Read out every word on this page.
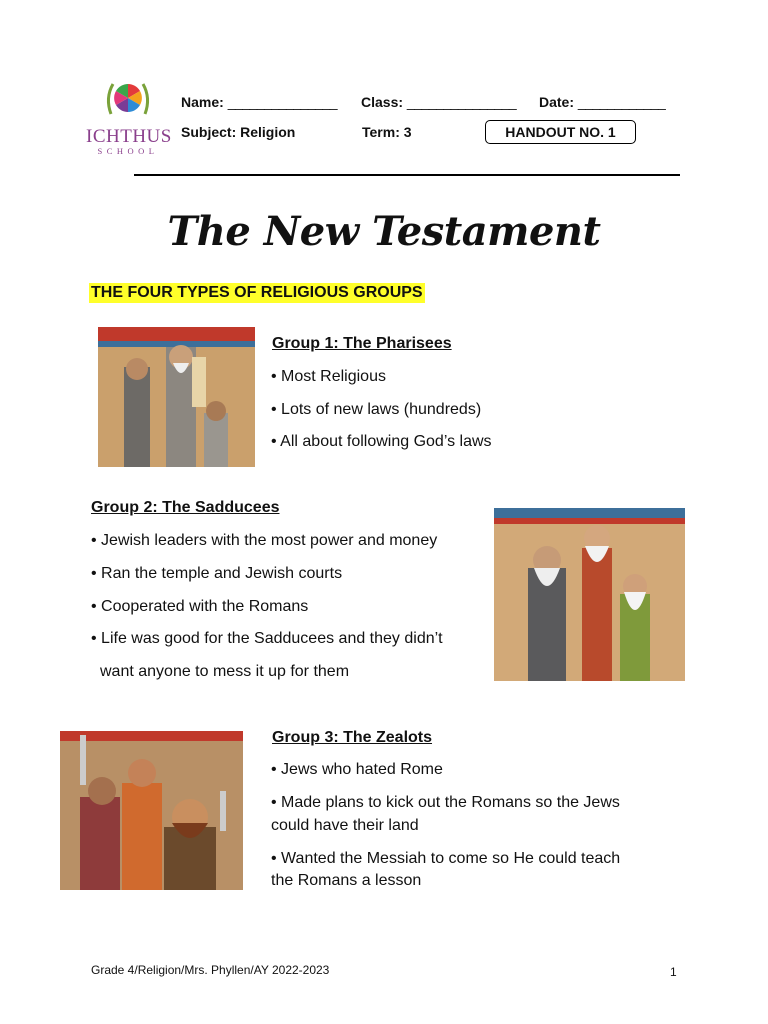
ICHTHUS
SCHOOL
Name: _______________ Class: _______________ Date: ____________
Subject: Religion	Term: 3	HANDOUT NO. 1
The New Testament
THE FOUR TYPES OF RELIGIOUS GROUPS
Group 1: The Pharisees
• Most Religious
• Lots of new laws (hundreds)
• All about following God’s laws
Group 2: The Sadducees
• Jewish leaders with the most power and money
• Ran the temple and Jewish courts
• Cooperated with the Romans
• Life was good for the Sadducees and they didn’t
want anyone to mess it up for them
Group 3: The Zealots
• Jews who hated Rome
• Made plans to kick out the Romans so the Jews
could have their land
• Wanted the Messiah to come so He could teach
the Romans a lesson
Grade 4/Religion/Mrs. Phyllen/AY 2022-2023	1
